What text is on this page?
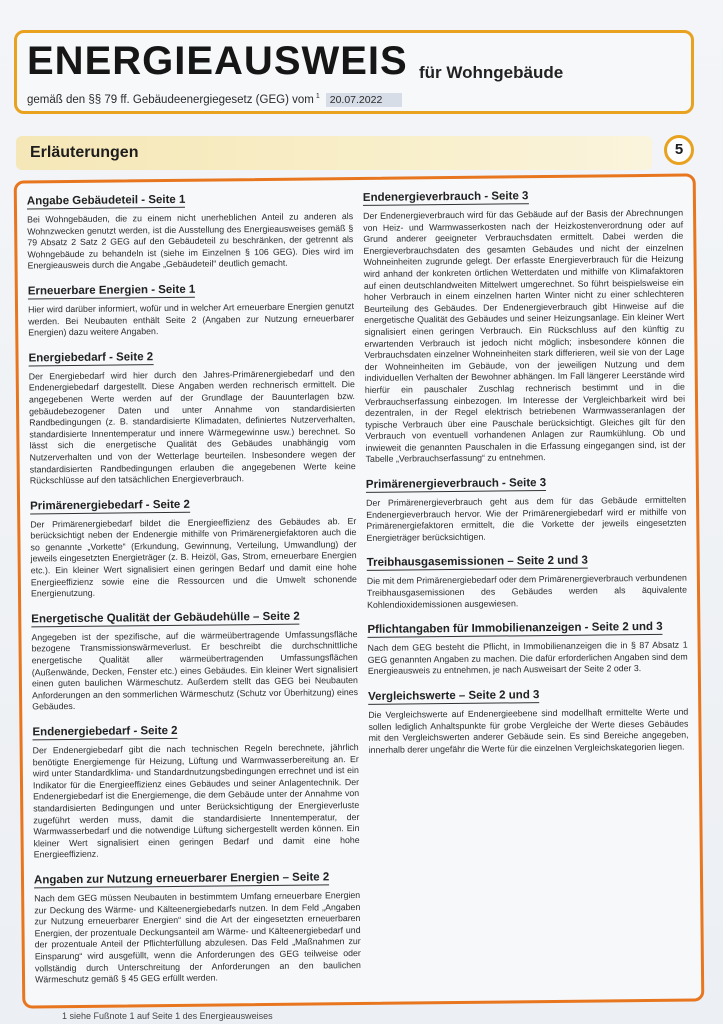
ENERGIEAUSWEIS für Wohngebäude
gemäß den §§ 79 ff. Gebäudeenergiegesetz (GEG) vom $^1$ 20.07.2022
Erläuterungen	5
Angabe Gebäudeteil - Seite 1

Bei Wohngebäuden, die zu einem nicht unerheblichen Anteil zu anderen als Wohnzwecken genutzt werden, ist die Ausstellung des Energieausweises gemäß § 79 Absatz 2 Satz 2 GEG auf den Gebäudeteil zu beschränken, der getrennt als Wohngebäude zu behandeln ist (siehe im Einzelnen § 106 GEG). Dies wird im Energieausweis durch die Angabe „Gebäudeteil“ deutlich gemacht.

Erneuerbare Energien - Seite 1

Hier wird darüber informiert, wofür und in welcher Art erneuerbare Energien genutzt werden. Bei Neubauten enthält Seite 2 (Angaben zur Nutzung erneuerbarer Energien) dazu weitere Angaben.

Energiebedarf - Seite 2

Der Energiebedarf wird hier durch den Jahres-Primärenergiebedarf und den Endenergiebedarf dargestellt. Diese Angaben werden rechnerisch ermittelt. Die angegebenen Werte werden auf der Grundlage der Bauunterlagen bzw. gebäudebezogener Daten und unter Annahme von standardisierten Randbedingungen (z. B. standardisierte Klimadaten, definiertes Nutzerverhalten, standardisierte Innentemperatur und innere Wärmegewinne usw.) berechnet. So lässt sich die energetische Qualität des Gebäudes unabhängig vom Nutzerverhalten und von der Wetterlage beurteilen. Insbesondere wegen der standardisierten Randbedingungen erlauben die angegebenen Werte keine Rückschlüsse auf den tatsächlichen Energieverbrauch.

Primärenergiebedarf - Seite 2

Der Primärenergiebedarf bildet die Energieeffizienz des Gebäudes ab. Er berücksichtigt neben der Endenergie mithilfe von Primärenergiefaktoren auch die so genannte „Vorkette“ (Erkundung, Gewinnung, Verteilung, Umwandlung) der jeweils eingesetzten Energieträger (z. B. Heizöl, Gas, Strom, erneuerbare Energien etc.). Ein kleiner Wert signalisiert einen geringen Bedarf und damit eine hohe Energieeffizienz sowie eine die Ressourcen und die Umwelt schonende Energienutzung.

Energetische Qualität der Gebäudehülle – Seite 2

Angegeben ist der spezifische, auf die wärmeübertragende Umfassungsfläche bezogene Transmissionswärmeverlust. Er beschreibt die durchschnittliche energetische Qualität aller wärmeübertragenden Umfassungsflächen (Außenwände, Decken, Fenster etc.) eines Gebäudes. Ein kleiner Wert signalisiert einen guten baulichen Wärmeschutz. Außerdem stellt das GEG bei Neubauten Anforderungen an den sommerlichen Wärmeschutz (Schutz vor Überhitzung) eines Gebäudes.

Endenergiebedarf - Seite 2

Der Endenergiebedarf gibt die nach technischen Regeln berechnete, jährlich benötigte Energiemenge für Heizung, Lüftung und Warmwasserbereitung an. Er wird unter Standardklima- und Standardnutzungsbedingungen errechnet und ist ein Indikator für die Energieeffizienz eines Gebäudes und seiner Anlagentechnik. Der Endenergiebedarf ist die Energiemenge, die dem Gebäude unter der Annahme von standardisierten Bedingungen und unter Berücksichtigung der Energieverluste zugeführt werden muss, damit die standardisierte Innentemperatur, der Warmwasserbedarf und die notwendige Lüftung sichergestellt werden können. Ein kleiner Wert signalisiert einen geringen Bedarf und damit eine hohe Energieeffizienz.

Angaben zur Nutzung erneuerbarer Energien – Seite 2

Nach dem GEG müssen Neubauten in bestimmtem Umfang erneuerbare Energien zur Deckung des Wärme- und Kälteenergiebedarfs nutzen. In dem Feld „Angaben zur Nutzung erneuerbarer Energien“ sind die Art der eingesetzten erneuerbaren Energien, der prozentuale Deckungsanteil am Wärme- und Kälteenergiebedarf und der prozentuale Anteil der Pflichterfüllung abzulesen. Das Feld „Maßnahmen zur Einsparung“ wird ausgefüllt, wenn die Anforderungen des GEG teilweise oder vollständig durch Unterschreitung der Anforderungen an den baulichen Wärmeschutz gemäß § 45 GEG erfüllt werden.

Endenergieverbrauch - Seite 3

Der Endenergieverbrauch wird für das Gebäude auf der Basis der Abrechnungen von Heiz- und Warmwasserkosten nach der Heizkostenverordnung oder auf Grund anderer geeigneter Verbrauchsdaten ermittelt. Dabei werden die Energieverbrauchsdaten des gesamten Gebäudes und nicht der einzelnen Wohneinheiten zugrunde gelegt. Der erfasste Energieverbrauch für die Heizung wird anhand der konkreten örtlichen Wetterdaten und mithilfe von Klimafaktoren auf einen deutschlandweiten Mittelwert umgerechnet. So führt beispielsweise ein hoher Verbrauch in einem einzelnen harten Winter nicht zu einer schlechteren Beurteilung des Gebäudes. Der Endenergieverbrauch gibt Hinweise auf die energetische Qualität des Gebäudes und seiner Heizungsanlage. Ein kleiner Wert signalisiert einen geringen Verbrauch. Ein Rückschluss auf den künftig zu erwartenden Verbrauch ist jedoch nicht möglich; insbesondere können die Verbrauchsdaten einzelner Wohneinheiten stark differieren, weil sie von der Lage der Wohneinheiten im Gebäude, von der jeweiligen Nutzung und dem individuellen Verhalten der Bewohner abhängen. Im Fall längerer Leerstände wird hierfür ein pauschaler Zuschlag rechnerisch bestimmt und in die Verbrauchserfassung einbezogen. Im Interesse der Vergleichbarkeit wird bei dezentralen, in der Regel elektrisch betriebenen Warmwasseranlagen der typische Verbrauch über eine Pauschale berücksichtigt. Gleiches gilt für den Verbrauch von eventuell vorhandenen Anlagen zur Raumkühlung. Ob und inwieweit die genannten Pauschalen in die Erfassung eingegangen sind, ist der Tabelle „Verbrauchserfassung“ zu entnehmen.

Primärenergieverbrauch - Seite 3

Der Primärenergieverbrauch geht aus dem für das Gebäude ermittelten Endenergieverbrauch hervor. Wie der Primärenergiebedarf wird er mithilfe von Primärenergiefaktoren ermittelt, die die Vorkette der jeweils eingesetzten Energieträger berücksichtigen.

Treibhausgasemissionen – Seite 2 und 3

Die mit dem Primärenergiebedarf oder dem Primärenergieverbrauch verbundenen Treibhausgasemissionen des Gebäudes werden als äquivalente Kohlendioxidemissionen ausgewiesen.

Pflichtangaben für Immobilienanzeigen - Seite 2 und 3

Nach dem GEG besteht die Pflicht, in Immobilienanzeigen die in § 87 Absatz 1 GEG genannten Angaben zu machen. Die dafür erforderlichen Angaben sind dem Energieausweis zu entnehmen, je nach Ausweisart der Seite 2 oder 3.

Vergleichswerte – Seite 2 und 3

Die Vergleichswerte auf Endenergieebene sind modellhaft ermittelte Werte und sollen lediglich Anhaltspunkte für grobe Vergleiche der Werte dieses Gebäudes mit den Vergleichswerten anderer Gebäude sein. Es sind Bereiche angegeben, innerhalb derer ungefähr die Werte für die einzelnen Vergleichskategorien liegen.

1 siehe Fußnote 1 auf Seite 1 des Energieausweises
